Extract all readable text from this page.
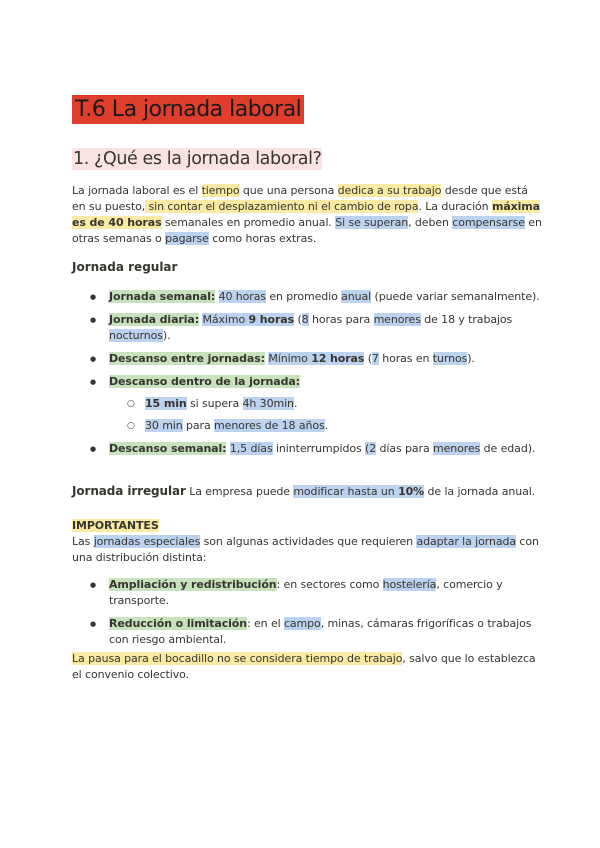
T.6 La jornada laboral
1. ¿Qué es la jornada laboral?

La jornada laboral es el tiempo que una persona dedica a su trabajo desde que está en su puesto, sin contar el desplazamiento ni el cambio de ropa. La duración máxima es de 40 horas semanales en promedio anual. Si se superan, deben compensarse en otras semanas o pagarse como horas extras.

Jornada regular

● Jornada semanal: 40 horas en promedio anual (puede variar semanalmente).
● Jornada diaria: Máximo 9 horas (8 horas para menores de 18 y trabajos nocturnos).
● Descanso entre jornadas: Mínimo 12 horas (7 horas en turnos).
● Descanso dentro de la jornada:
○ 15 min si supera 4h 30min.
○ 30 min para menores de 18 años.
● Descanso semanal: 1,5 días ininterrumpidos (2 días para menores de edad).

Jornada irregular La empresa puede modificar hasta un 10% de la jornada anual.

IMPORTANTES

Las jornadas especiales son algunas actividades que requieren adaptar la jornada con una distribución distinta:

● Ampliación y redistribución: en sectores como hostelería, comercio y transporte.
● Reducción o limitación: en el campo, minas, cámaras frigoríficas o trabajos con riesgo ambiental.

La pausa para el bocadillo no se considera tiempo de trabajo, salvo que lo establezca el convenio colectivo.
